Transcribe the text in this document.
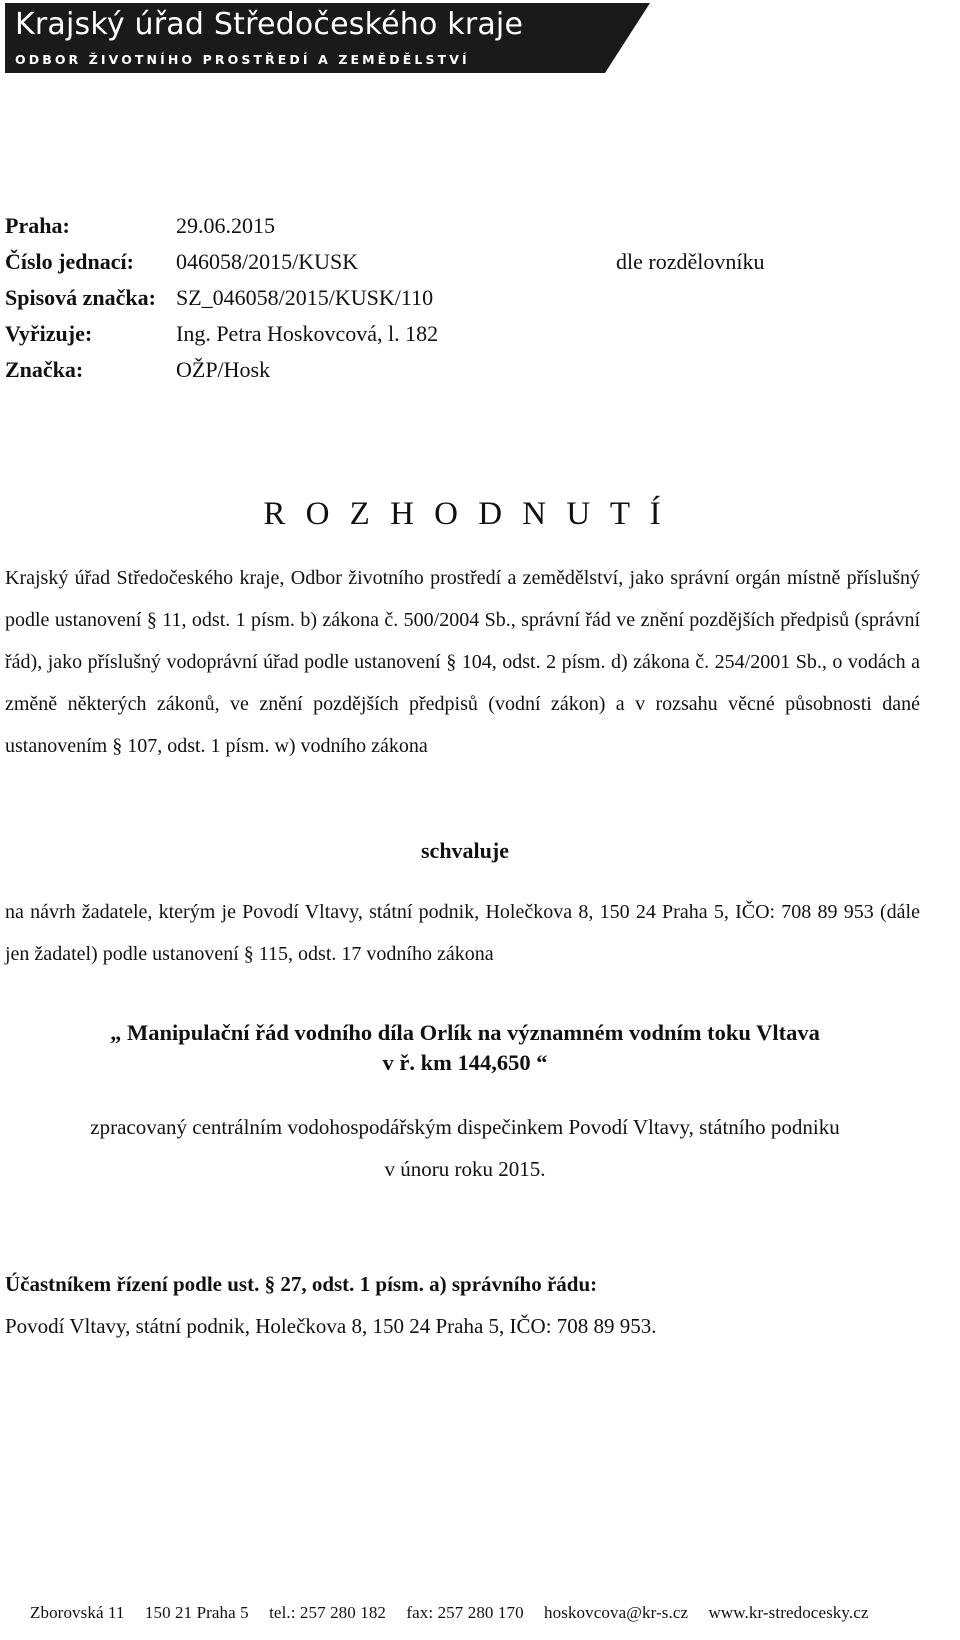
Krajský úřad Středočeského kraje
ODBOR ŽIVOTNÍHO PROSTŘEDÍ A ZEMĚDĚLSTVÍ
Praha:	29.06.2015
Číslo jednací:	046058/2015/KUSK
Spisová značka: SZ_046058/2015/KUSK/110
Vyřizuje:	Ing. Petra Hoskovcová, l. 182
Značka:	OŽP/Hosk
dle rozdělovníku
R O Z H O D N U T Í
Krajský úřad Středočeského kraje, Odbor životního prostředí a zemědělství, jako správní orgán místně příslušný podle ustanovení § 11, odst. 1 písm. b) zákona č. 500/2004 Sb., správní řád ve znění pozdějších předpisů (správní řád), jako příslušný vodoprávní úřad podle ustanovení § 104, odst. 2 písm. d) zákona č. 254/2001 Sb., o vodách a změně některých zákonů, ve znění pozdějších předpisů (vodní zákon) a v rozsahu věcné působnosti dané ustanovením § 107, odst. 1 písm. w) vodního zákona
schvaluje
na návrh žadatele, kterým je Povodí Vltavy, státní podnik, Holečkova 8, 150 24 Praha 5, IČO: 708 89 953 (dále jen žadatel) podle ustanovení § 115, odst. 17 vodního zákona
„ Manipulační řád vodního díla Orlík na významném vodním toku Vltava
v ř. km 144,650 “
zpracovaný centrálním vodohospodářským dispečinkem Povodí Vltavy, státního podniku
v únoru roku 2015.
Účastníkem řízení podle ust. § 27, odst. 1 písm. a) správního řádu:
Povodí Vltavy, státní podnik, Holečkova 8, 150 24 Praha 5, IČO: 708 89 953.
Zborovská 11 150 21 Praha 5 tel.: 257 280 182 fax: 257 280 170 hoskovcova@kr-s.cz www.kr-stredocesky.cz
